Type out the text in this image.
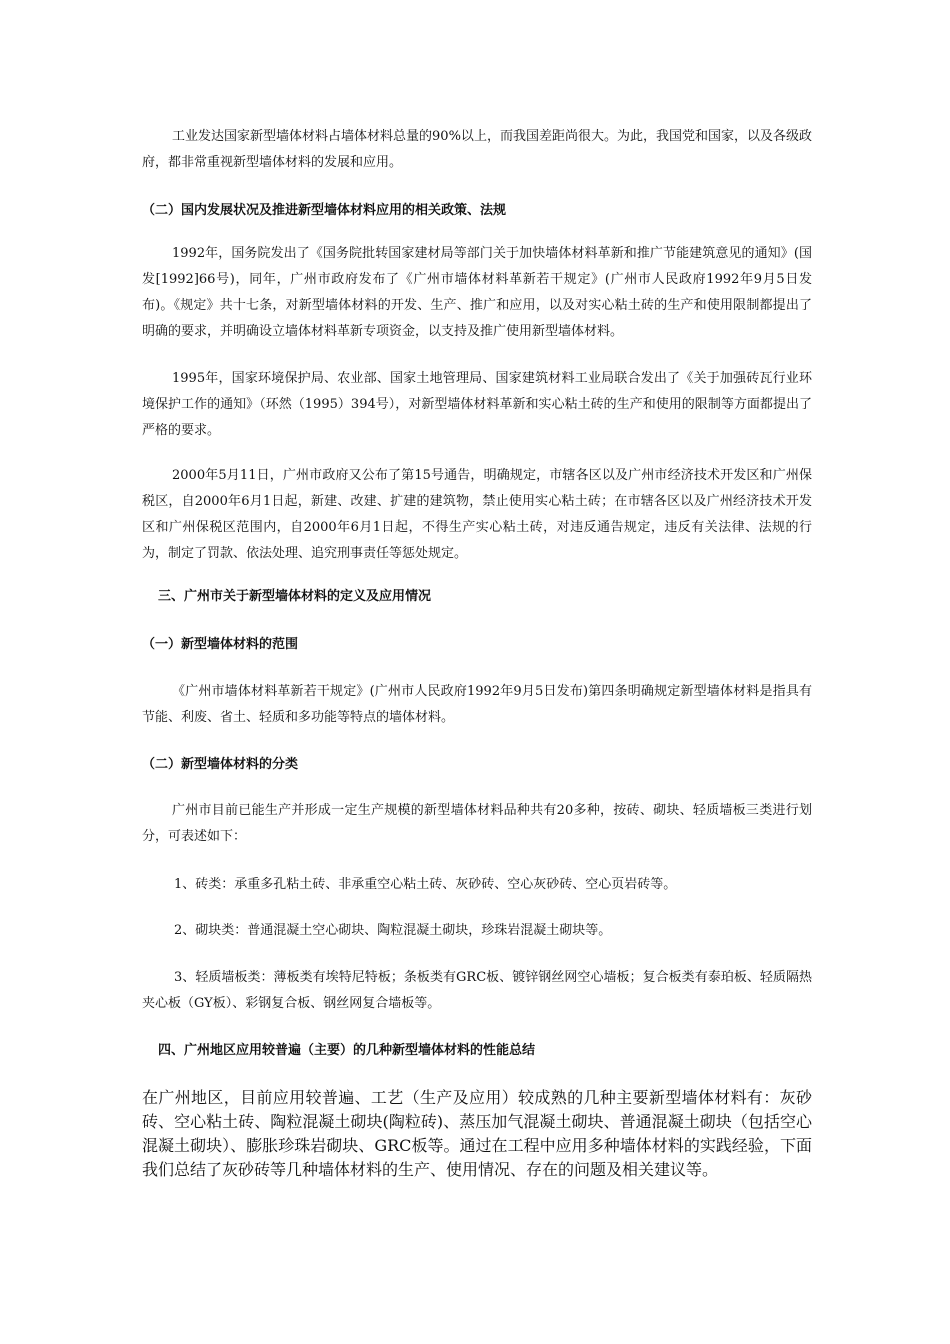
工业发达国家新型墙体材料占墙体材料总量的90%以上，而我国差距尚很大。为此，我国党和国家，以及各级政府，都非常重视新型墙体材料的发展和应用。

（二）国内发展状况及推进新型墙体材料应用的相关政策、法规

1992年，国务院发出了《国务院批转国家建材局等部门关于加快墙体材料革新和推广节能建筑意见的通知》(国发[1992]66号)，同年，广州市政府发布了《广州市墙体材料革新若干规定》(广州市人民政府1992年9月5日发布)。《规定》共十七条，对新型墙体材料的开发、生产、推广和应用，以及对实心粘土砖的生产和使用限制都提出了明确的要求，并明确设立墙体材料革新专项资金，以支持及推广使用新型墙体材料。

1995年，国家环境保护局、农业部、国家土地管理局、国家建筑材料工业局联合发出了《关于加强砖瓦行业环境保护工作的通知》（环然（1995）394号），对新型墙体材料革新和实心粘土砖的生产和使用的限制等方面都提出了严格的要求。

2000年5月11日，广州市政府又公布了第15号通告，明确规定，市辖各区以及广州市经济技术开发区和广州保税区，自2000年6月1日起，新建、改建、扩建的建筑物，禁止使用实心粘土砖；在市辖各区以及广州经济技术开发区和广州保税区范围内，自2000年6月1日起，不得生产实心粘土砖，对违反通告规定，违反有关法律、法规的行为，制定了罚款、依法处理、追究刑事责任等惩处规定。

三、广州市关于新型墙体材料的定义及应用情况
（一）新型墙体材料的范围

《广州市墙体材料革新若干规定》(广州市人民政府1992年9月5日发布)第四条明确规定新型墙体材料是指具有节能、利废、省土、轻质和多功能等特点的墙体材料。

（二）新型墙体材料的分类

广州市目前已能生产并形成一定生产规模的新型墙体材料品种共有20多种，按砖、砌块、轻质墙板三类进行划分，可表述如下：

1、砖类：承重多孔粘土砖、非承重空心粘土砖、灰砂砖、空心灰砂砖、空心页岩砖等。

2、砌块类：普通混凝土空心砌块、陶粒混凝土砌块，珍珠岩混凝土砌块等。

3、轻质墙板类：薄板类有埃特尼特板；条板类有GRC板、镀锌钢丝网空心墙板；复合板类有泰珀板、轻质隔热夹心板（GY板）、彩钢复合板、钢丝网复合墙板等。

四、广州地区应用较普遍（主要）的几种新型墙体材料的性能总结

在广州地区，目前应用较普遍、工艺（生产及应用）较成熟的几种主要新型墙体材料有：灰砂砖、空心粘土砖、陶粒混凝土砌块(陶粒砖)、蒸压加气混凝土砌块、普通混凝土砌块（包括空心混凝土砌块）、膨胀珍珠岩砌块、GRC板等。通过在工程中应用多种墙体材料的实践经验，下面我们总结了灰砂砖等几种墙体材料的生产、使用情况、存在的问题及相关建议等。
